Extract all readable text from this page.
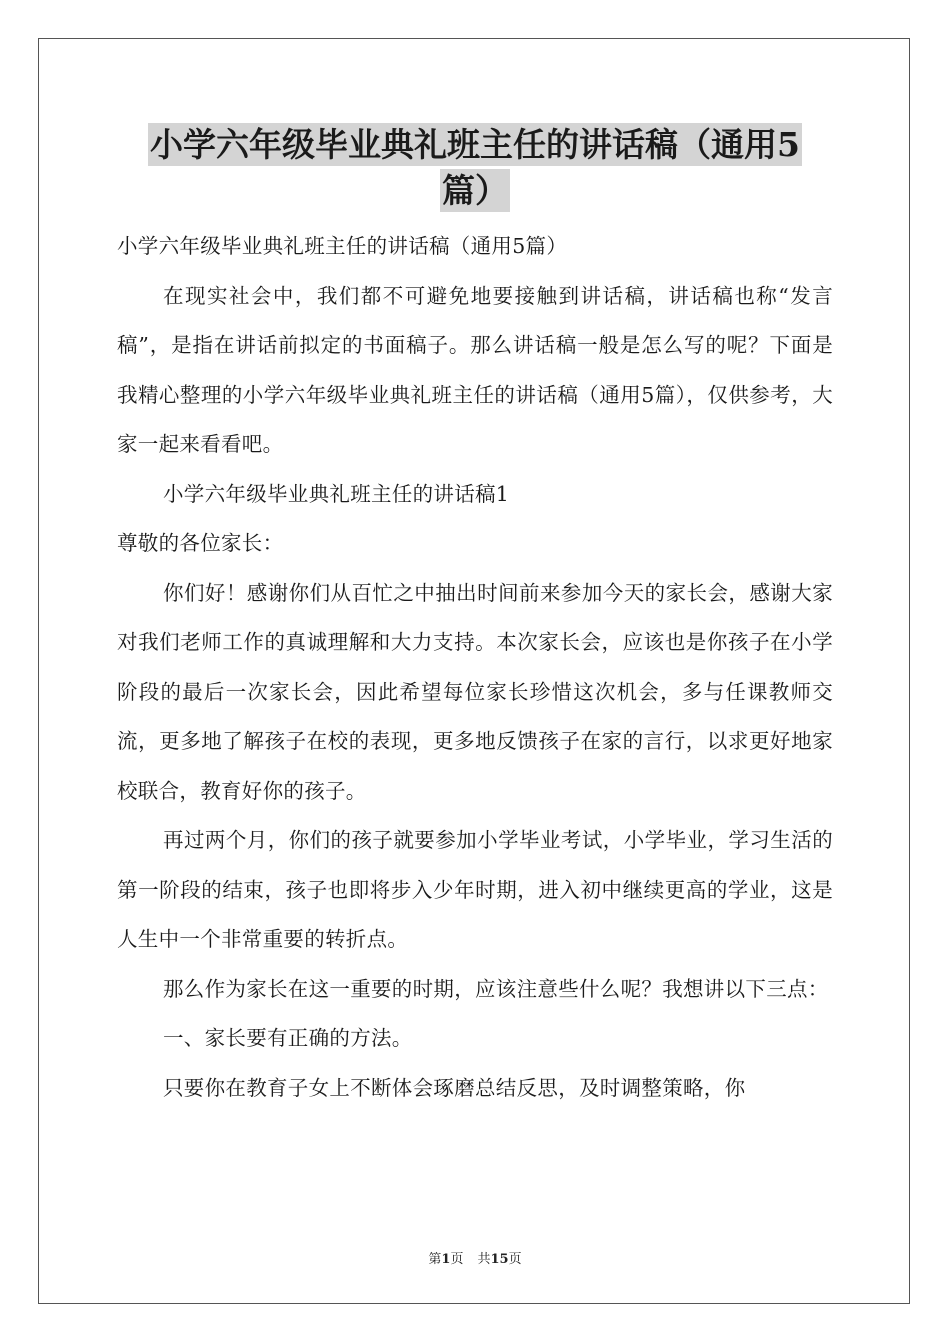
小学六年级毕业典礼班主任的讲话稿（通用5
篇）

小学六年级毕业典礼班主任的讲话稿（通用5篇）

在现实社会中，我们都不可避免地要接触到讲话稿，讲话稿也称“发言稿”，是指在讲话前拟定的书面稿子。那么讲话稿一般是怎么写的呢？下面是我精心整理的小学六年级毕业典礼班主任的讲话稿（通用5篇），仅供参考，大家一起来看看吧。

小学六年级毕业典礼班主任的讲话稿1

尊敬的各位家长：

你们好！感谢你们从百忙之中抽出时间前来参加今天的家长会，感谢大家对我们老师工作的真诚理解和大力支持。本次家长会，应该也是你孩子在小学阶段的最后一次家长会，因此希望每位家长珍惜这次机会，多与任课教师交流，更多地了解孩子在校的表现，更多地反馈孩子在家的言行，以求更好地家校联合，教育好你的孩子。

再过两个月，你们的孩子就要参加小学毕业考试，小学毕业，学习生活的第一阶段的结束，孩子也即将步入少年时期，进入初中继续更高的学业，这是人生中一个非常重要的转折点。

那么作为家长在这一重要的时期，应该注意些什么呢？我想讲以下三点：

一、家长要有正确的方法。

只要你在教育子女上不断体会琢磨总结反思，及时调整策略，你

第1页 共15页
